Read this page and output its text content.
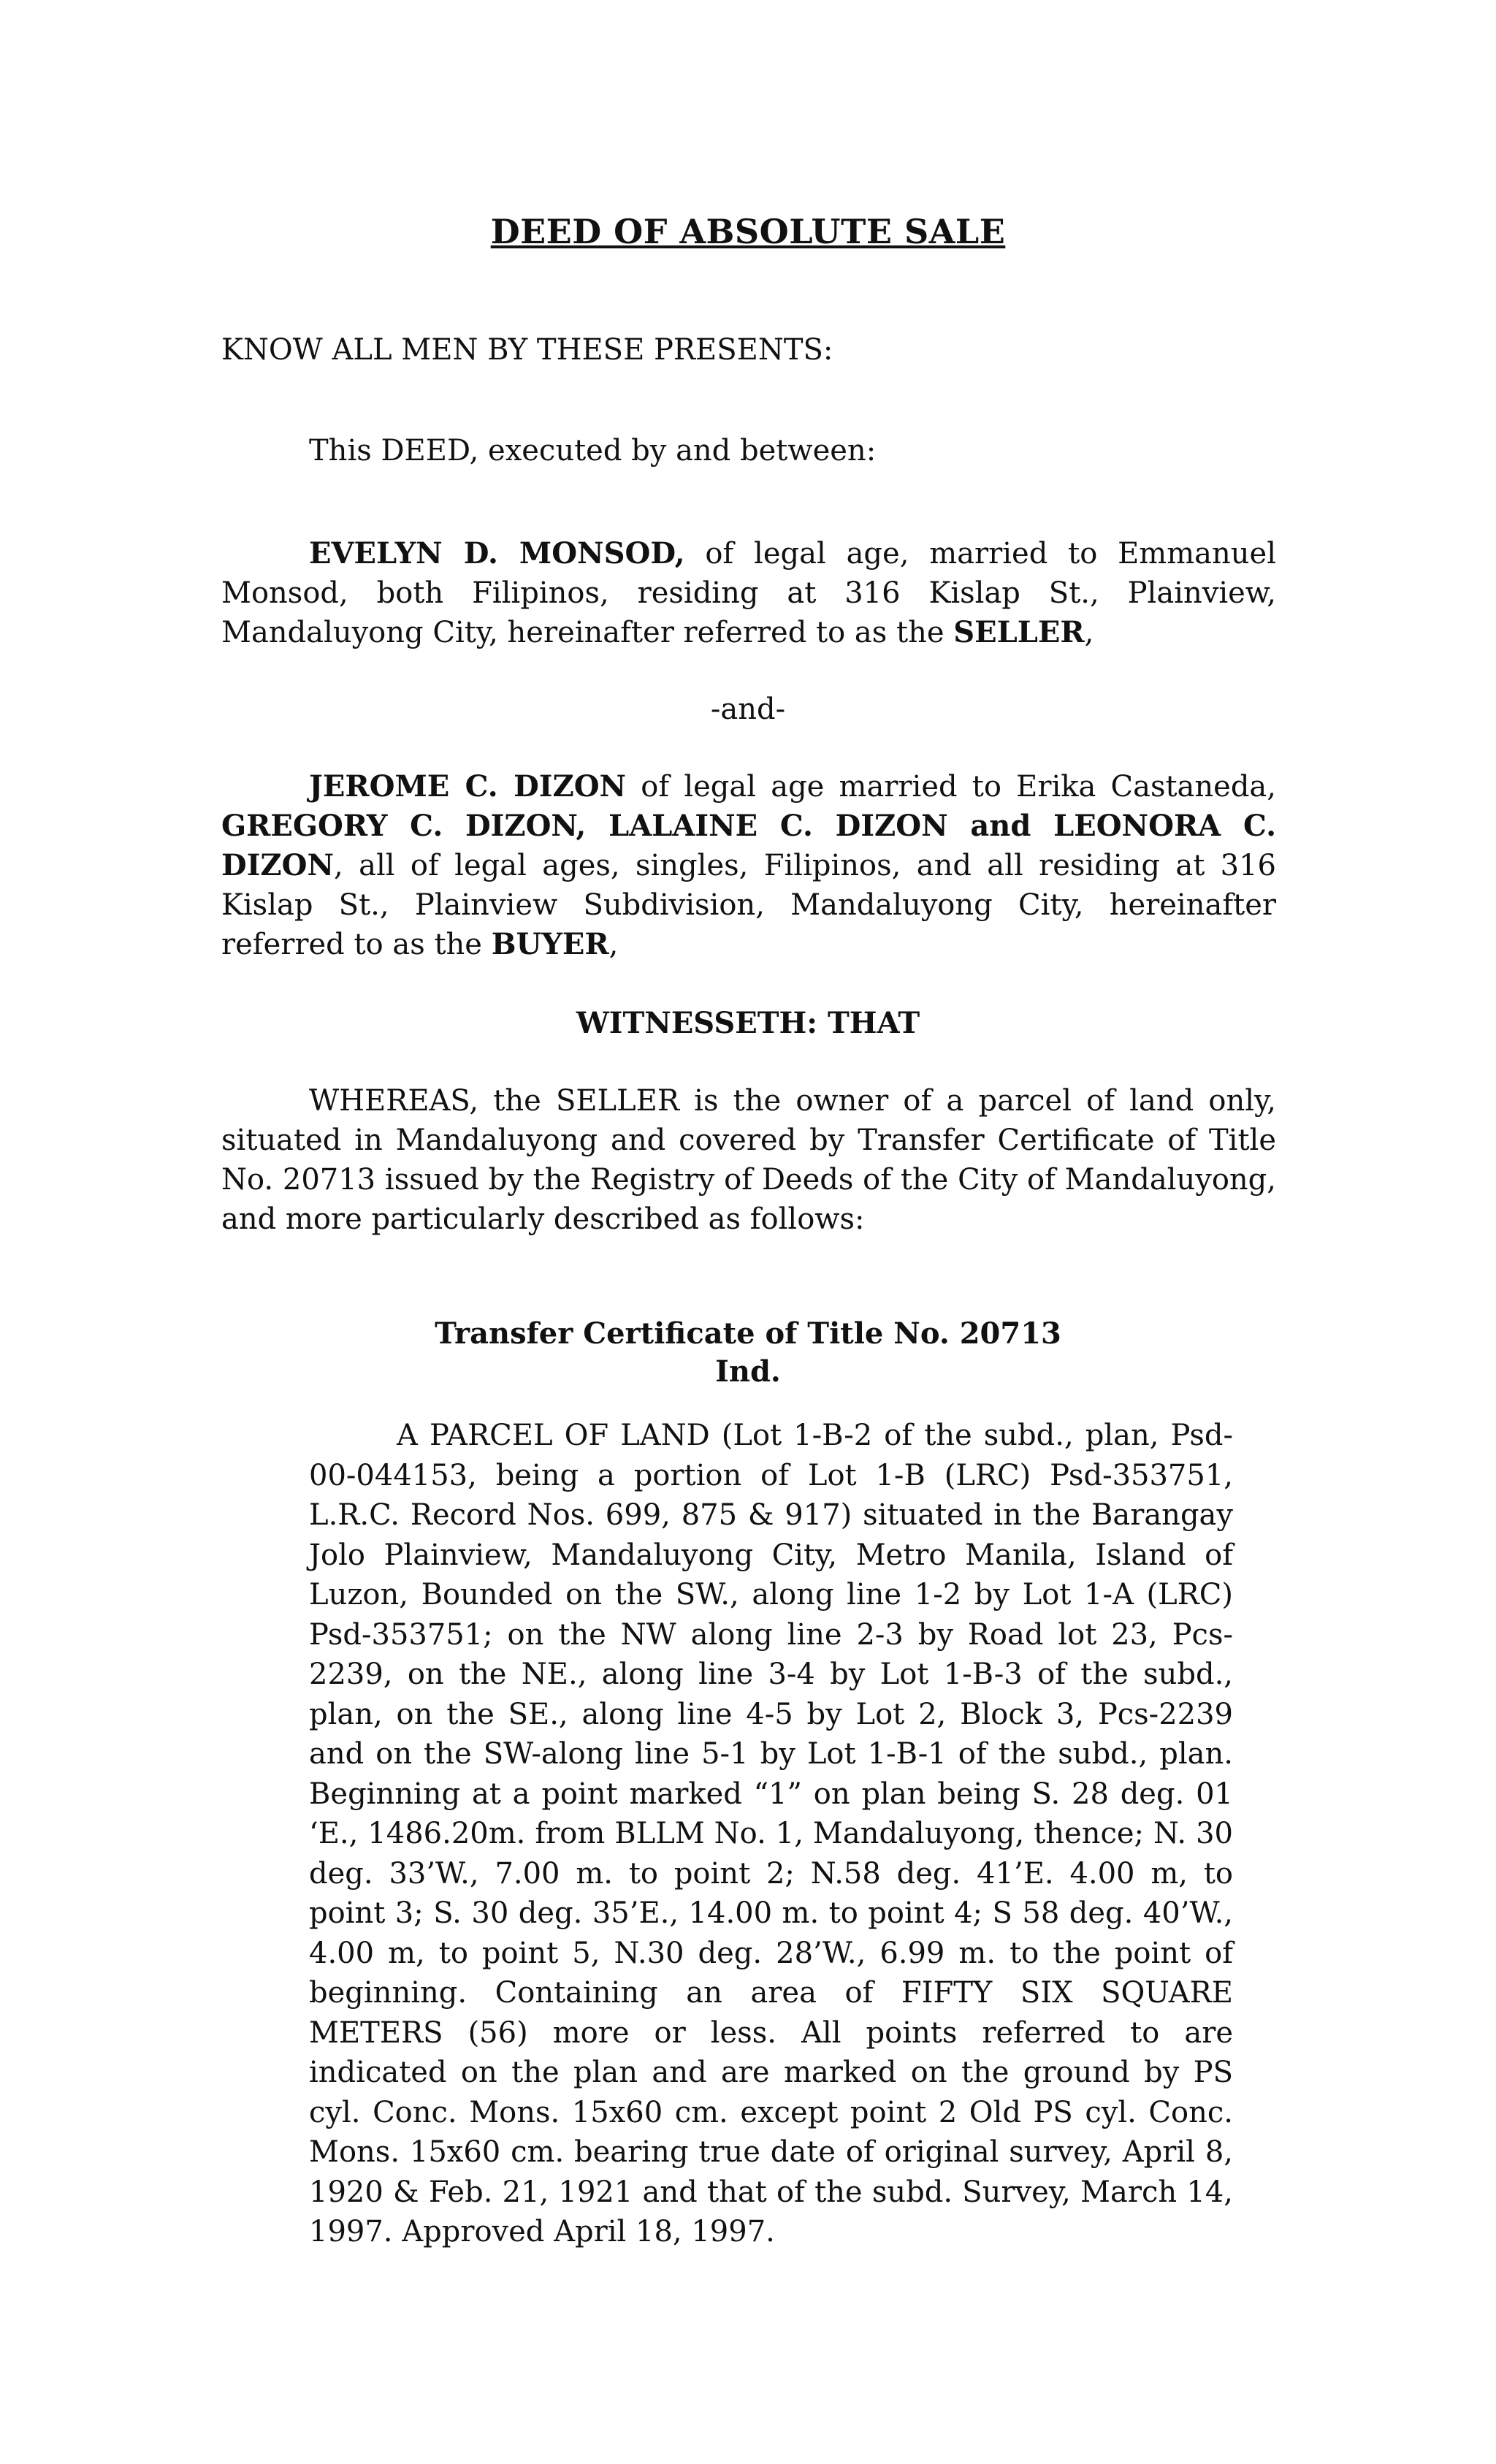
DEED OF ABSOLUTE SALE
KNOW ALL MEN BY THESE PRESENTS:
This DEED, executed by and between:
EVELYN D. MONSOD, of legal age, married to Emmanuel Monsod, both Filipinos, residing at 316 Kislap St., Plainview, Mandaluyong City, hereinafter referred to as the SELLER,
-and-
JEROME C. DIZON of legal age married to Erika Castaneda, GREGORY C. DIZON, LALAINE C. DIZON and LEONORA C. DIZON, all of legal ages, singles, Filipinos, and all residing at 316 Kislap St., Plainview Subdivision, Mandaluyong City, hereinafter referred to as the BUYER,
WITNESSETH: THAT
WHEREAS, the SELLER is the owner of a parcel of land only, situated in Mandaluyong and covered by Transfer Certificate of Title No. 20713 issued by the Registry of Deeds of the City of Mandaluyong, and more particularly described as follows:
Transfer Certificate of Title No. 20713
Ind.
A PARCEL OF LAND (Lot 1-B-2 of the subd., plan, Psd-00-044153, being a portion of Lot 1-B (LRC) Psd-353751, L.R.C. Record Nos. 699, 875 & 917) situated in the Barangay Jolo Plainview, Mandaluyong City, Metro Manila, Island of Luzon, Bounded on the SW., along line 1-2 by Lot 1-A (LRC) Psd-353751; on the NW along line 2-3 by Road lot 23, Pcs-2239, on the NE., along line 3-4 by Lot 1-B-3 of the subd., plan, on the SE., along line 4-5 by Lot 2, Block 3, Pcs-2239 and on the SW-along line 5-1 by Lot 1-B-1 of the subd., plan. Beginning at a point marked “1” on plan being S. 28 deg. 01 ‘E., 1486.20m. from BLLM No. 1, Mandaluyong, thence; N. 30 deg. 33’W., 7.00 m. to point 2; N.58 deg. 41’E. 4.00 m, to point 3; S. 30 deg. 35’E., 14.00 m. to point 4; S 58 deg. 40’W., 4.00 m, to point 5, N.30 deg. 28’W., 6.99 m. to the point of beginning. Containing an area of FIFTY SIX SQUARE METERS (56) more or less. All points referred to are indicated on the plan and are marked on the ground by PS cyl. Conc. Mons. 15x60 cm. except point 2 Old PS cyl. Conc. Mons. 15x60 cm. bearing true date of original survey, April 8, 1920 & Feb. 21, 1921 and that of the subd. Survey, March 14, 1997. Approved April 18, 1997.
